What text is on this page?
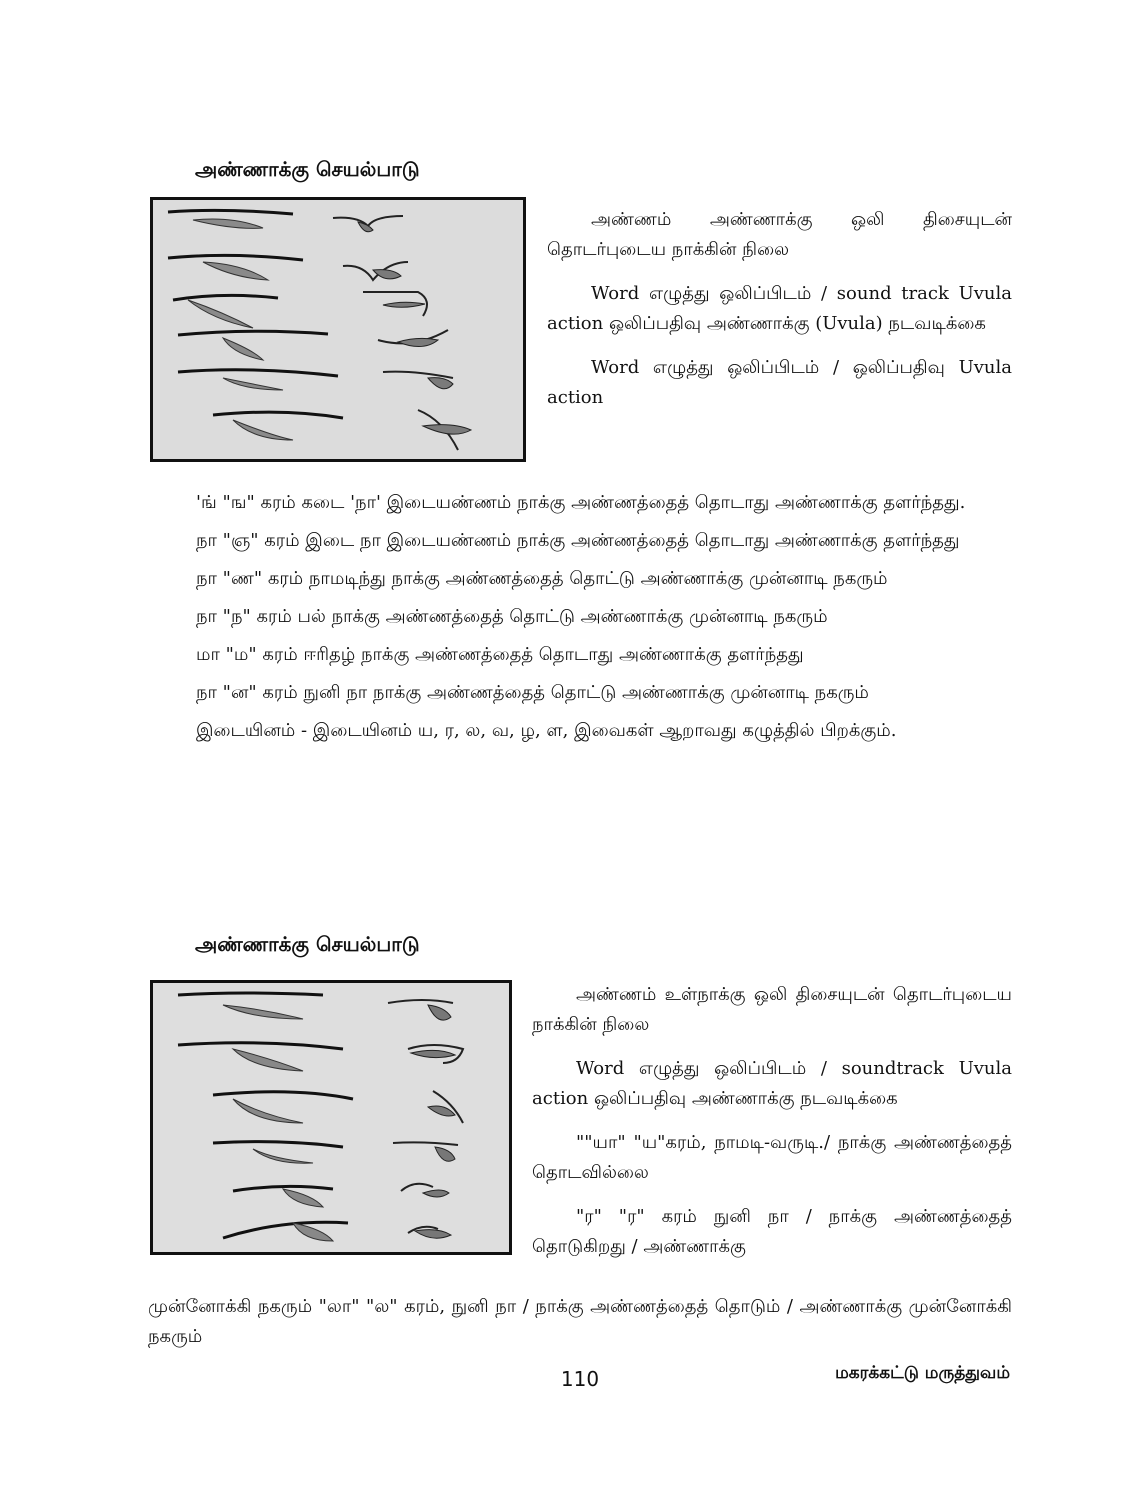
அண்ணாக்கு செயல்பாடு

அண்ணம் அண்ணாக்கு ஒலி திசையுடன் தொடர்புடைய நாக்கின் நிலை

Word எழுத்து ஒலிப்பிடம் / sound track Uvula action ஒலிப்பதிவு அண்ணாக்கு (Uvula) நடவடிக்கை

Word எழுத்து ஒலிப்பிடம் / ஒலிப்பதிவு Uvula action

'ங் "ங" கரம் கடை 'நா' இடையண்ணம் நாக்கு அண்ணத்தைத் தொடாது அண்ணாக்கு தளர்ந்தது.

நா "ஞ" கரம் இடை நா இடையண்ணம் நாக்கு அண்ணத்தைத் தொடாது அண்ணாக்கு தளர்ந்தது

நா "ண" கரம் நாமடிந்து நாக்கு அண்ணத்தைத் தொட்டு அண்ணாக்கு முன்னாடி நகரும்

நா "ந" கரம் பல் நாக்கு அண்ணத்தைத் தொட்டு அண்ணாக்கு முன்னாடி நகரும்

மா "ம" கரம் ஈரிதழ் நாக்கு அண்ணத்தைத் தொடாது அண்ணாக்கு தளர்ந்தது

நா "ன" கரம் நுனி நா நாக்கு அண்ணத்தைத் தொட்டு அண்ணாக்கு முன்னாடி நகரும்

இடையினம் - இடையினம் ய, ர, ல, வ, ழ, ள, இவைகள் ஆறாவது கழுத்தில் பிறக்கும்.

அண்ணாக்கு செயல்பாடு

அண்ணம் உள்நாக்கு ஒலி திசையுடன் தொடர்புடைய நாக்கின் நிலை

Word எழுத்து ஒலிப்பிடம் / soundtrack Uvula action ஒலிப்பதிவு அண்ணாக்கு நடவடிக்கை

""யா" "ய"கரம், நாமடி-வருடி./ நாக்கு அண்ணத்தைத் தொடவில்லை

"ர" "ர" கரம் நுனி நா / நாக்கு அண்ணத்தைத் தொடுகிறது / அண்ணாக்கு

முன்னோக்கி நகரும் "லா" "ல" கரம், நுனி நா / நாக்கு அண்ணத்தைத் தொடும் / அண்ணாக்கு முன்னோக்கி நகரும்
110	மகரக்கட்டு மருத்துவம்
